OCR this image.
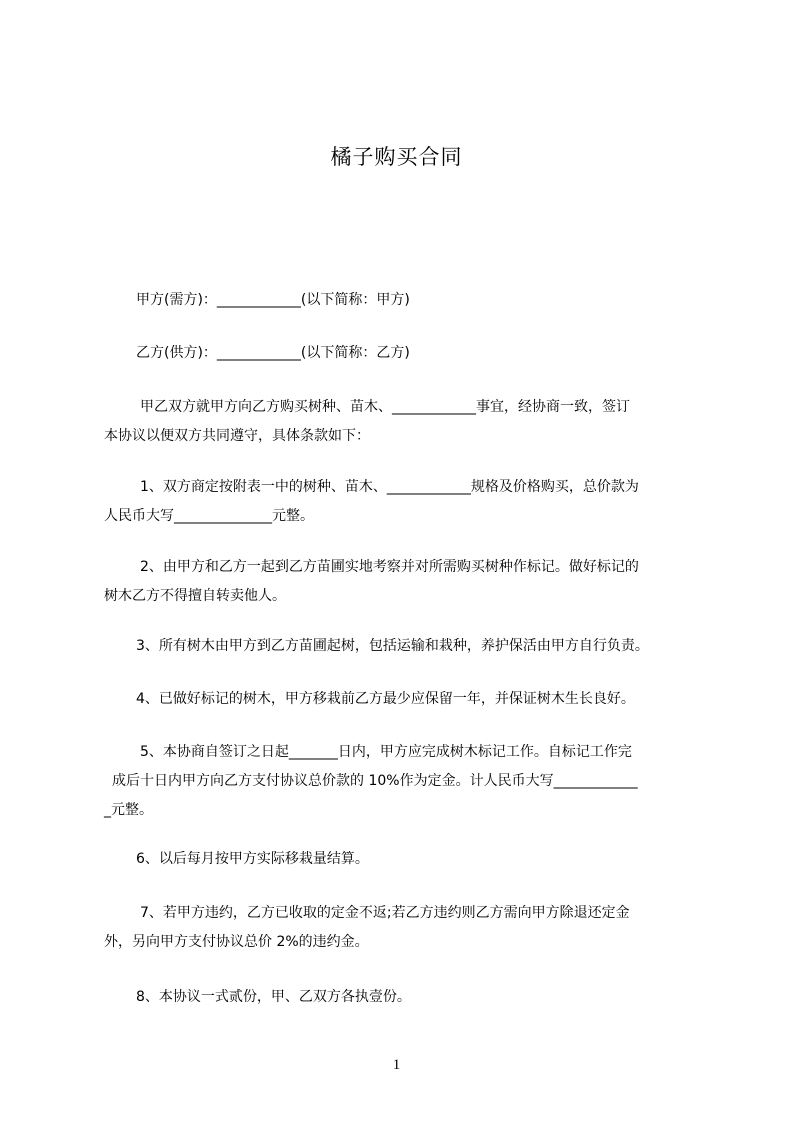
橘子购买合同
甲方(需方)：____________(以下简称：甲方)
乙方(供方)：____________(以下简称：乙方)
甲乙双方就甲方向乙方购买树种、苗木、____________事宜，经协商一致，签订
本协议以便双方共同遵守，具体条款如下：
1、双方商定按附表一中的树种、苗木、____________规格及价格购买，总价款为
人民币大写______________元整。
2、由甲方和乙方一起到乙方苗圃实地考察并对所需购买树种作标记。做好标记的
树木乙方不得擅自转卖他人。
3、所有树木由甲方到乙方苗圃起树，包括运输和栽种，养护保活由甲方自行负责。
4、已做好标记的树木，甲方移栽前乙方最少应保留一年，并保证树木生长良好。
5、本协商自签订之日起_______日内，甲方应完成树木标记工作。自标记工作完
成后十日内甲方向乙方支付协议总价款的 10%作为定金。计人民币大写____________
_元整。
6、以后每月按甲方实际移栽量结算。
7、若甲方违约，乙方已收取的定金不返;若乙方违约则乙方需向甲方除退还定金
外，另向甲方支付协议总价 2%的违约金。
8、本协议一式贰份，甲、乙双方各执壹份。
1
